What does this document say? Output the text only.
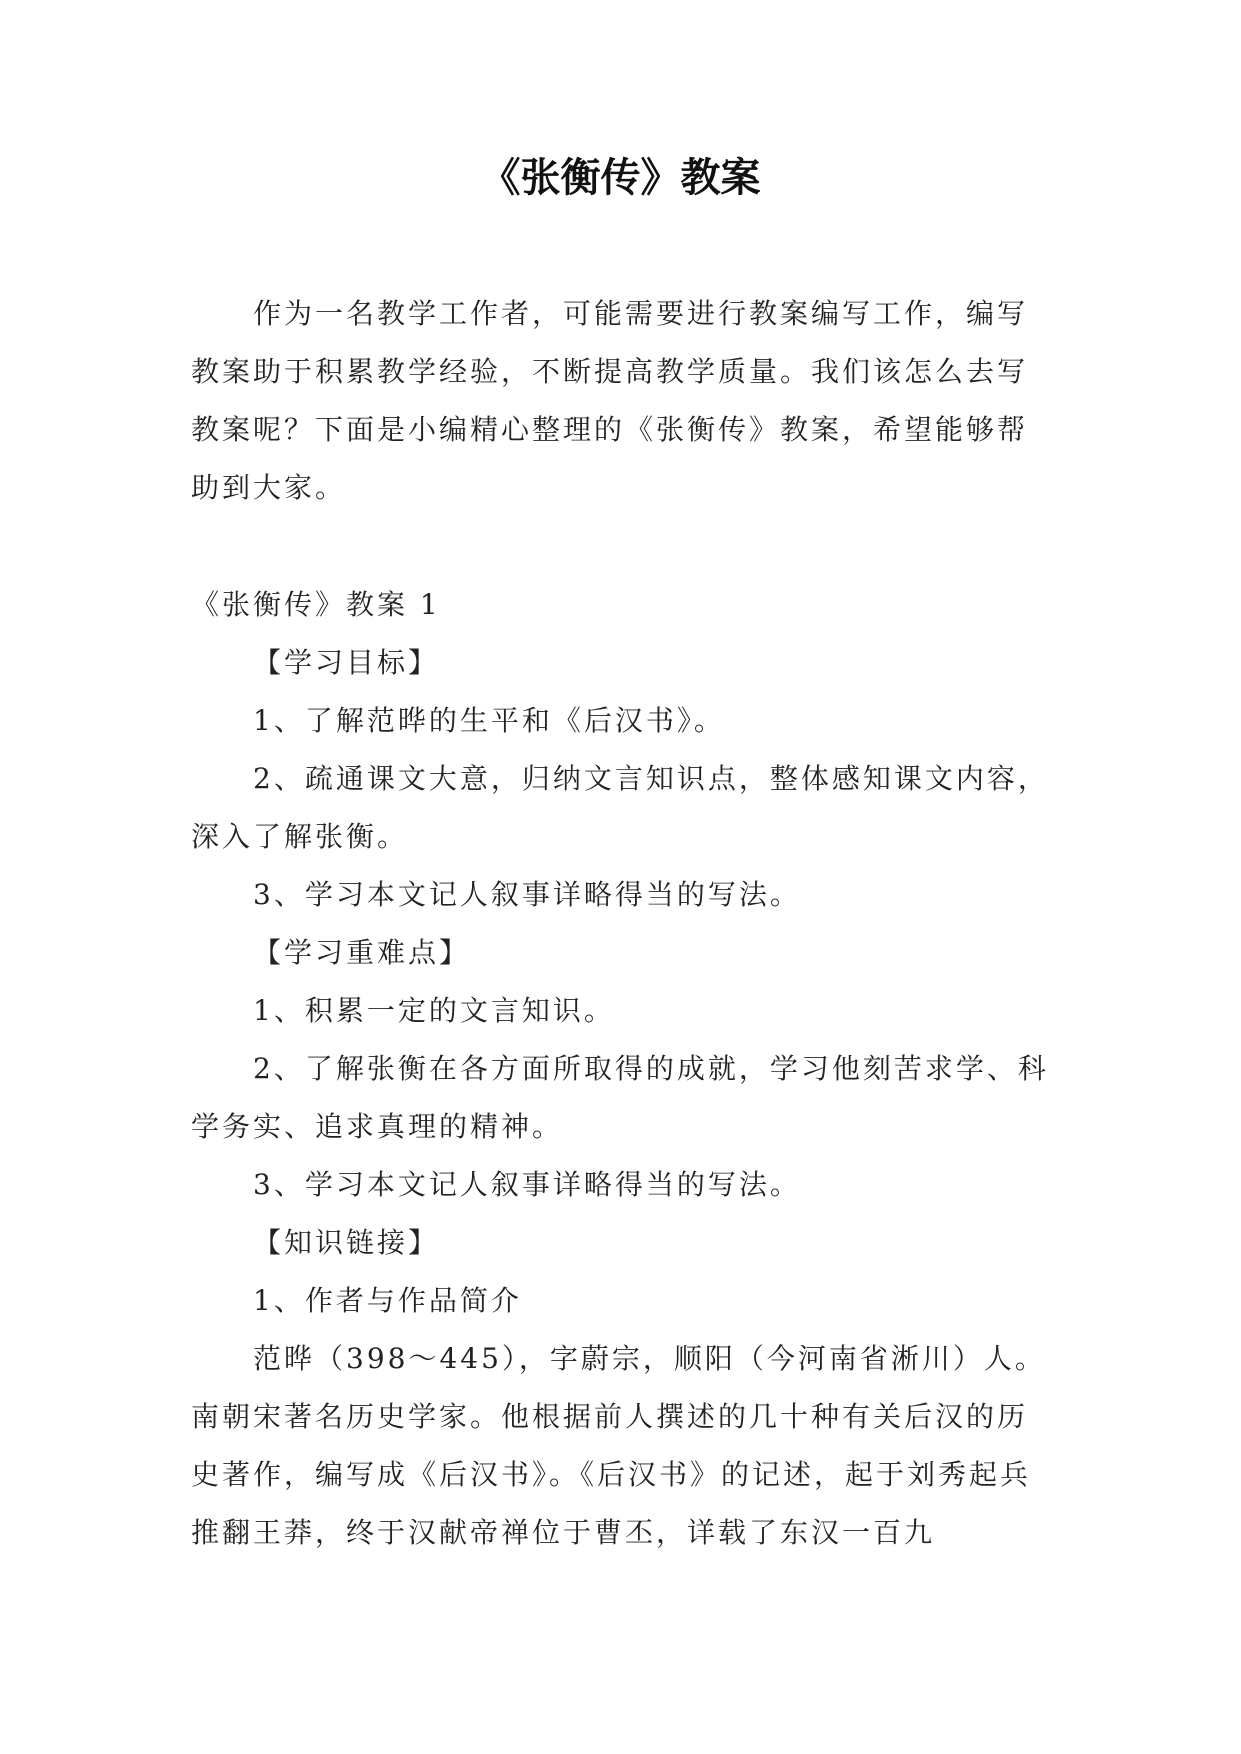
《张衡传》教案

作为一名教学工作者，可能需要进行教案编写工作，编写教案助于积累教学经验，不断提高教学质量。我们该怎么去写教案呢？下面是小编精心整理的《张衡传》教案，希望能够帮助到大家。

《张衡传》教案 1

【学习目标】

1、了解范晔的生平和《后汉书》。

2、疏通课文大意，归纳文言知识点，整体感知课文内容，深入了解张衡。

3、学习本文记人叙事详略得当的写法。

【学习重难点】

1、积累一定的文言知识。

2、了解张衡在各方面所取得的成就，学习他刻苦求学、科学务实、追求真理的精神。

3、学习本文记人叙事详略得当的写法。

【知识链接】

1、作者与作品简介

范晔（398～445），字蔚宗，顺阳（今河南省淅川）人。南朝宋著名历史学家。他根据前人撰述的几十种有关后汉的历史著作，编写成《后汉书》。《后汉书》的记述，起于刘秀起兵推翻王莽，终于汉献帝禅位于曹丕，详载了东汉一百九
